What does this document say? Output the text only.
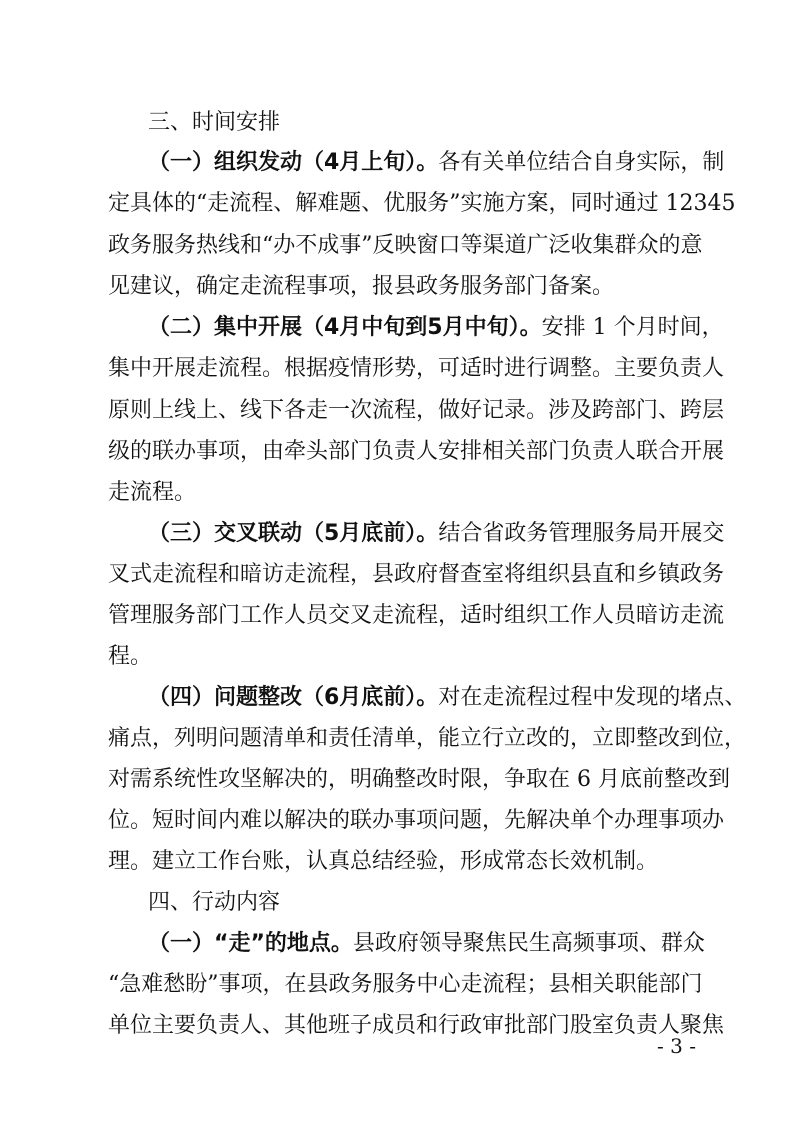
三、时间安排
（一）组织发动（4月上旬）。各有关单位结合自身实际，制
定具体的“走流程、解难题、优服务”实施方案，同时通过 12345
政务服务热线和“办不成事”反映窗口等渠道广泛收集群众的意
见建议，确定走流程事项，报县政务服务部门备案。
（二）集中开展（4月中旬到5月中旬）。安排 1 个月时间，
集中开展走流程。根据疫情形势，可适时进行调整。主要负责人
原则上线上、线下各走一次流程，做好记录。涉及跨部门、跨层
级的联办事项，由牵头部门负责人安排相关部门负责人联合开展
走流程。
（三）交叉联动（5月底前）。结合省政务管理服务局开展交
叉式走流程和暗访走流程，县政府督查室将组织县直和乡镇政务
管理服务部门工作人员交叉走流程，适时组织工作人员暗访走流
程。
（四）问题整改（6月底前）。对在走流程过程中发现的堵点、
痛点，列明问题清单和责任清单，能立行立改的，立即整改到位，
对需系统性攻坚解决的，明确整改时限，争取在 6 月底前整改到
位。短时间内难以解决的联办事项问题，先解决单个办理事项办
理。建立工作台账，认真总结经验，形成常态长效机制。
四、行动内容
（一）“走”的地点。县政府领导聚焦民生高频事项、群众
“急难愁盼”事项，在县政务服务中心走流程；县相关职能部门
单位主要负责人、其他班子成员和行政审批部门股室负责人聚焦
- 3 -
